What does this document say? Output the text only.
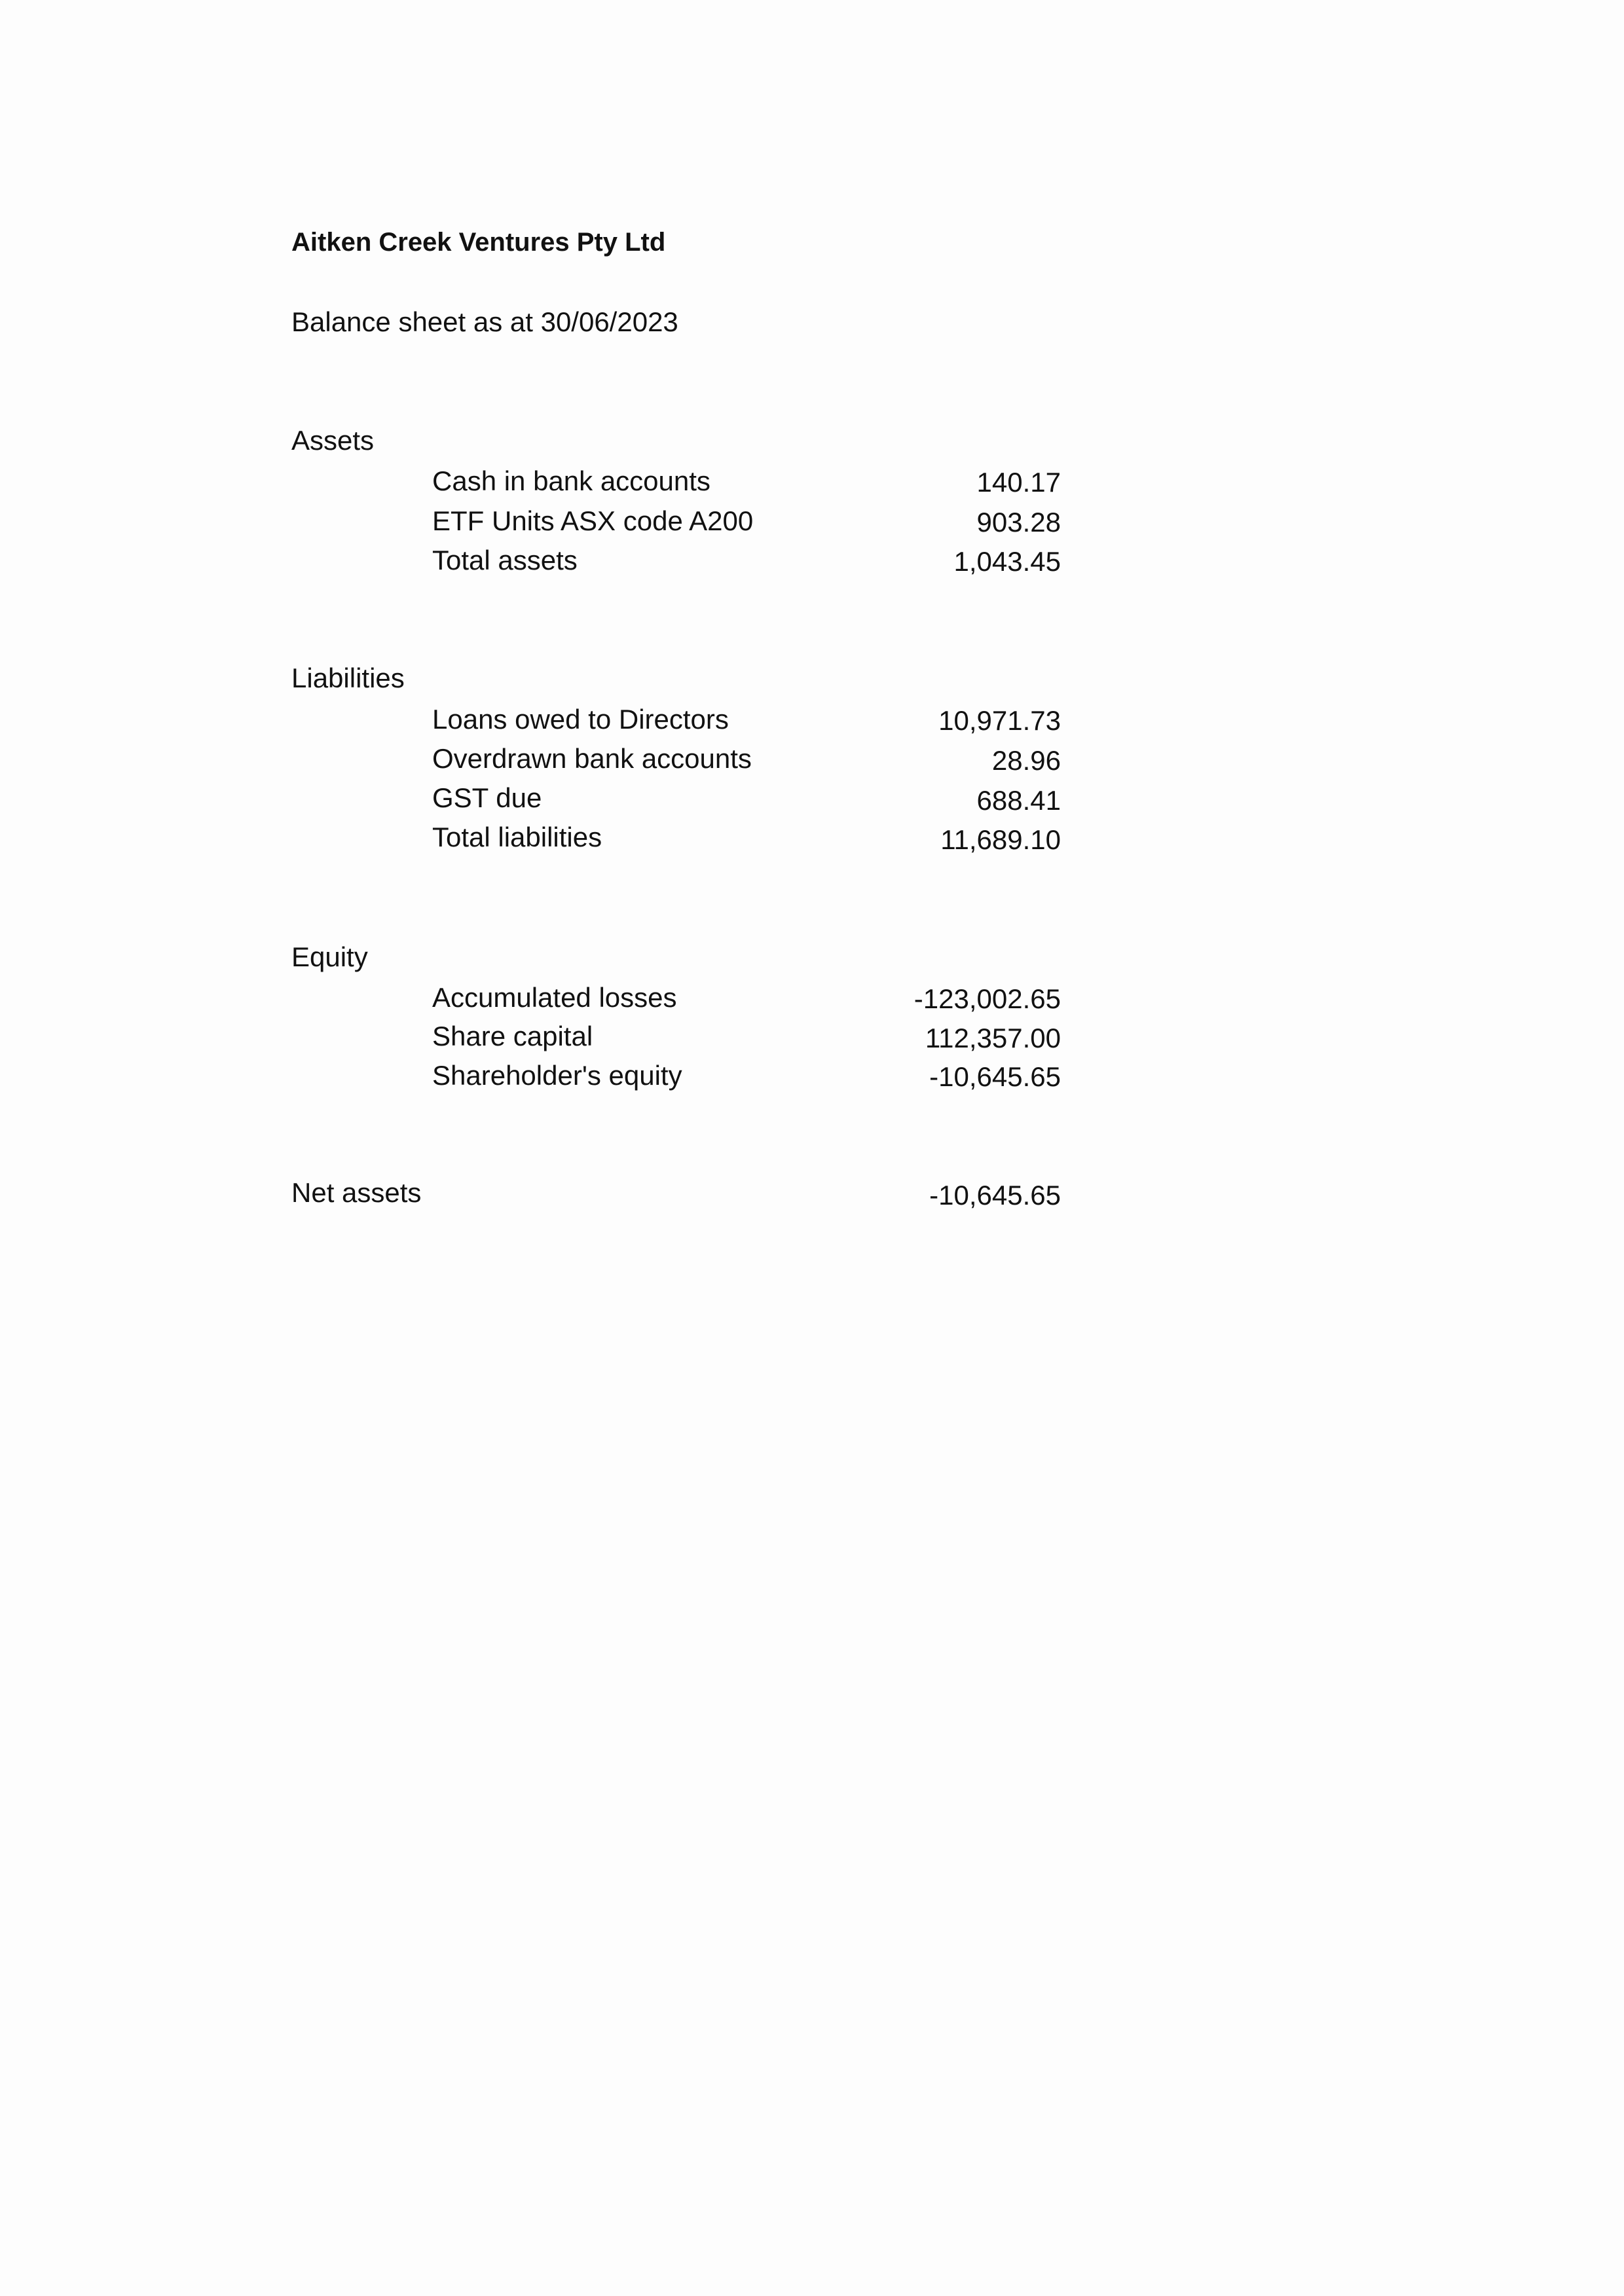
Aitken Creek Ventures Pty Ltd
Balance sheet as at 30/06/2023
Assets
Cash in bank accounts	140.17
ETF Units ASX code A200	903.28
Total assets	1,043.45
Liabilities
Loans owed to Directors	10,971.73
Overdrawn bank accounts	28.96
GST due	688.41
Total liabilities	11,689.10
Equity
Accumulated losses	-123,002.65
Share capital	112,357.00
Shareholder's equity	-10,645.65
Net assets	-10,645.65
